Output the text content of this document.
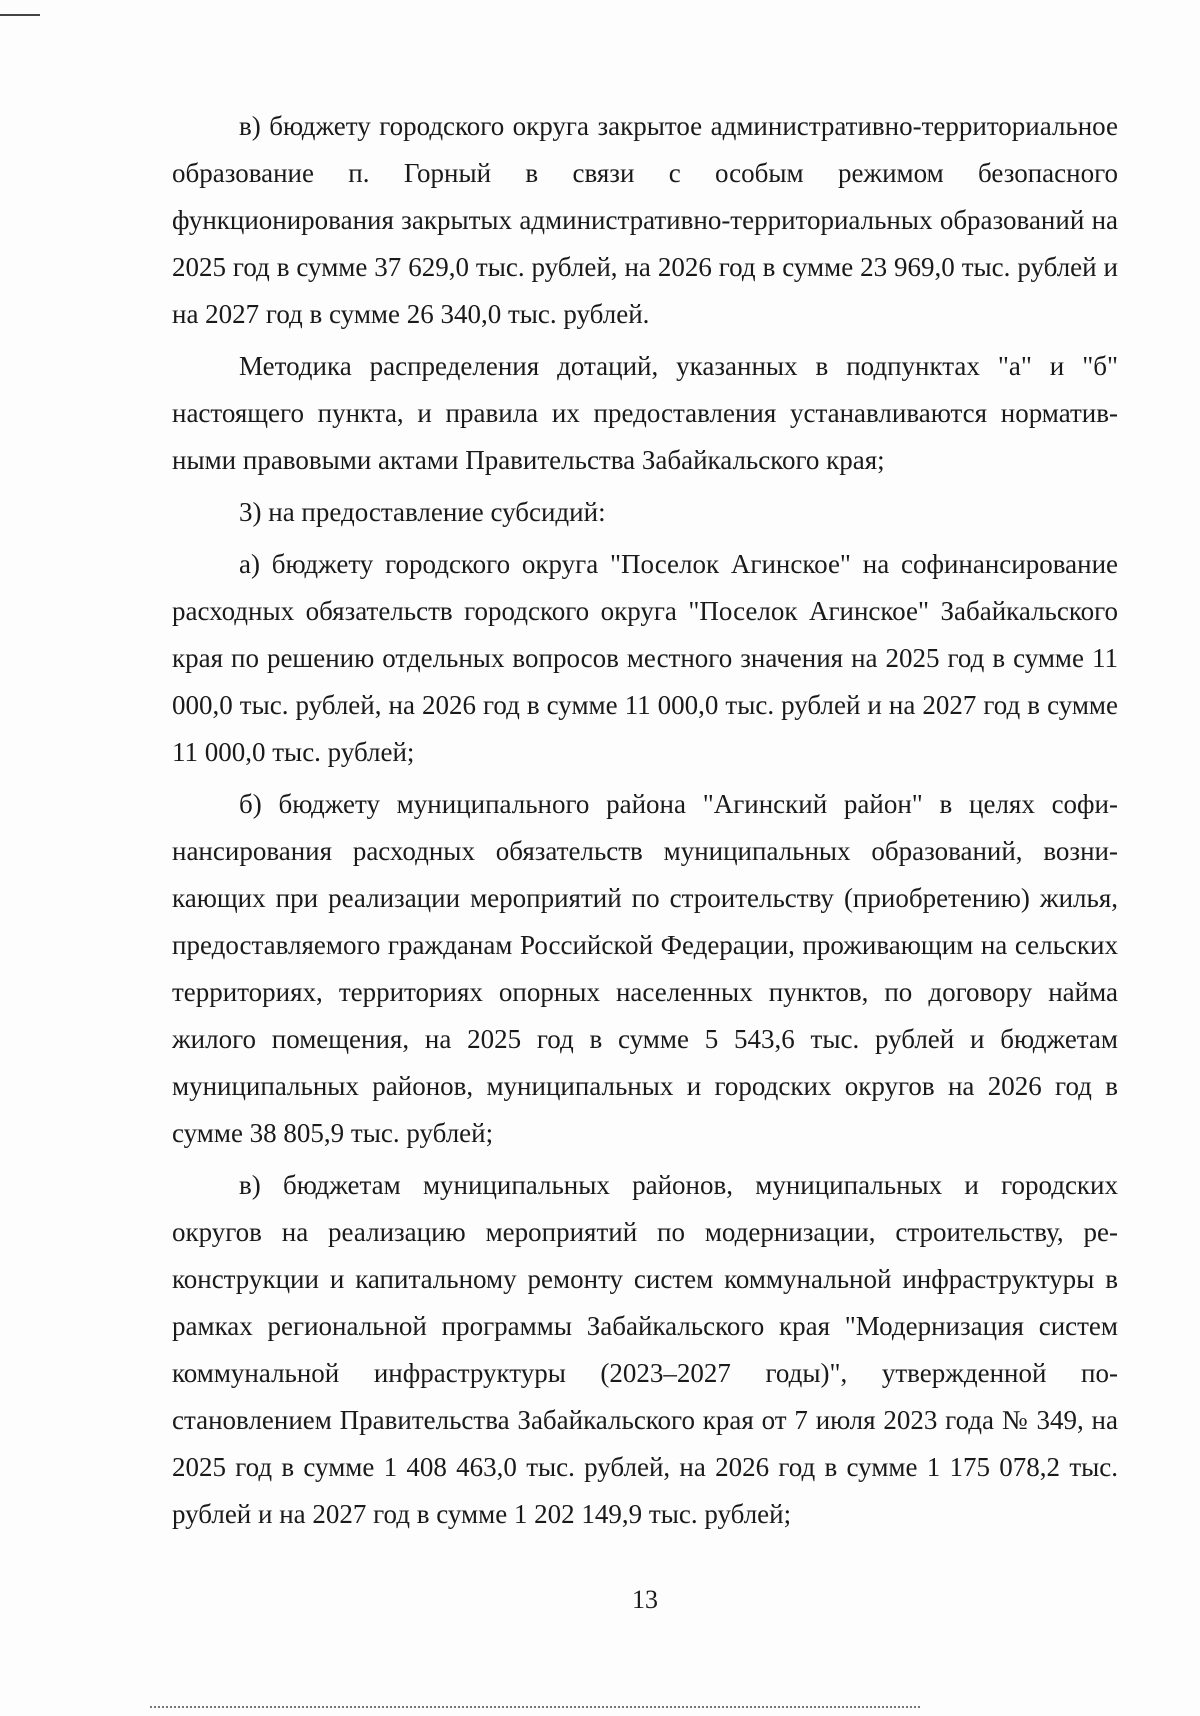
в) бюджету городского округа закрытое административно-территориальное образование п. Горный в связи с особым режимом безопасного функционирования закрытых административно-территориальных образований на 2025 год в сумме 37 629,0 тыс. рублей, на 2026 год в сумме 23 969,0 тыс. рублей и на 2027 год в сумме 26 340,0 тыс. рублей.

Методика распределения дотаций, указанных в подпунктах "а" и "б" настоящего пункта, и правила их предоставления устанавливаются нормативными правовыми актами Правительства Забайкальского края;

3) на предоставление субсидий:

а) бюджету городского округа "Поселок Агинское" на софинансирование расходных обязательств городского округа "Поселок Агинское" Забайкальского края по решению отдельных вопросов местного значения на 2025 год в сумме 11 000,0 тыс. рублей, на 2026 год в сумме 11 000,0 тыс. рублей и на 2027 год в сумме 11 000,0 тыс. рублей;

б) бюджету муниципального района "Агинский район" в целях софинансирования расходных обязательств муниципальных образований, возникающих при реализации мероприятий по строительству (приобретению) жилья, предоставляемого гражданам Российской Федерации, проживающим на сельских территориях, территориях опорных населенных пунктов, по договору найма жилого помещения, на 2025 год в сумме 5 543,6 тыс. рублей и бюджетам муниципальных районов, муниципальных и городских округов на 2026 год в сумме 38 805,9 тыс. рублей;

в) бюджетам муниципальных районов, муниципальных и городских округов на реализацию мероприятий по модернизации, строительству, реконструкции и капитальному ремонту систем коммунальной инфраструктуры в рамках региональной программы Забайкальского края "Модернизация систем коммунальной инфраструктуры (2023–2027 годы)", утвержденной постановлением Правительства Забайкальского края от 7 июля 2023 года № 349, на 2025 год в сумме 1 408 463,0 тыс. рублей, на 2026 год в сумме 1 175 078,2 тыс. рублей и на 2027 год в сумме 1 202 149,9 тыс. рублей;

13
